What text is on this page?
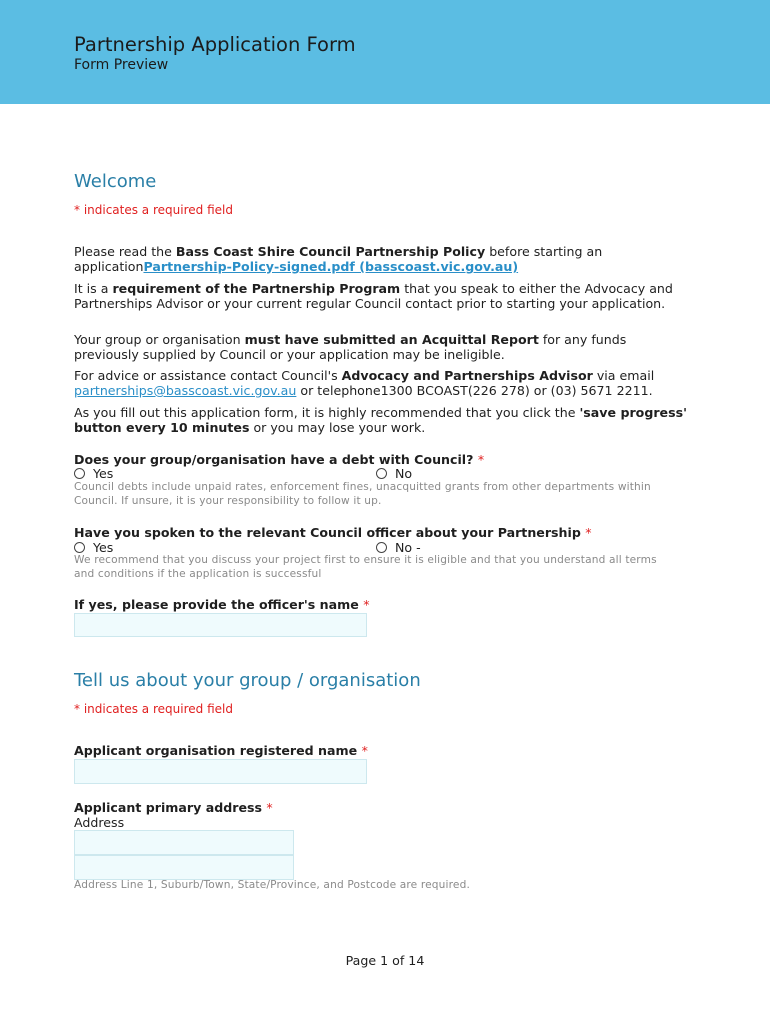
Partnership Application Form
Form Preview
Welcome
* indicates a required field
Please read the Bass Coast Shire Council Partnership Policy before starting an applicationPartnership-Policy-signed.pdf (basscoast.vic.gov.au)
It is a requirement of the Partnership Program that you speak to either the Advocacy and Partnerships Advisor or your current regular Council contact prior to starting your application.
Your group or organisation must have submitted an Acquittal Report for any funds previously supplied by Council or your application may be ineligible.
For advice or assistance contact Council's Advocacy and Partnerships Advisor via email partnerships@basscoast.vic.gov.au or telephone1300 BCOAST(226 278) or (03) 5671 2211.
As you fill out this application form, it is highly recommended that you click the 'save progress' button every 10 minutes or you may lose your work.
Does your group/organisation have a debt with Council? *
Yes	No
Council debts include unpaid rates, enforcement fines, unacquitted grants from other departments within Council. If unsure, it is your responsibility to follow it up.
Have you spoken to the relevant Council officer about your Partnership *
Yes	No -
We recommend that you discuss your project first to ensure it is eligible and that you understand all terms and conditions if the application is successful
If yes, please provide the officer's name *
Tell us about your group / organisation
* indicates a required field
Applicant organisation registered name *
Applicant primary address *
Address
Address Line 1, Suburb/Town, State/Province, and Postcode are required.
Page 1 of 14
